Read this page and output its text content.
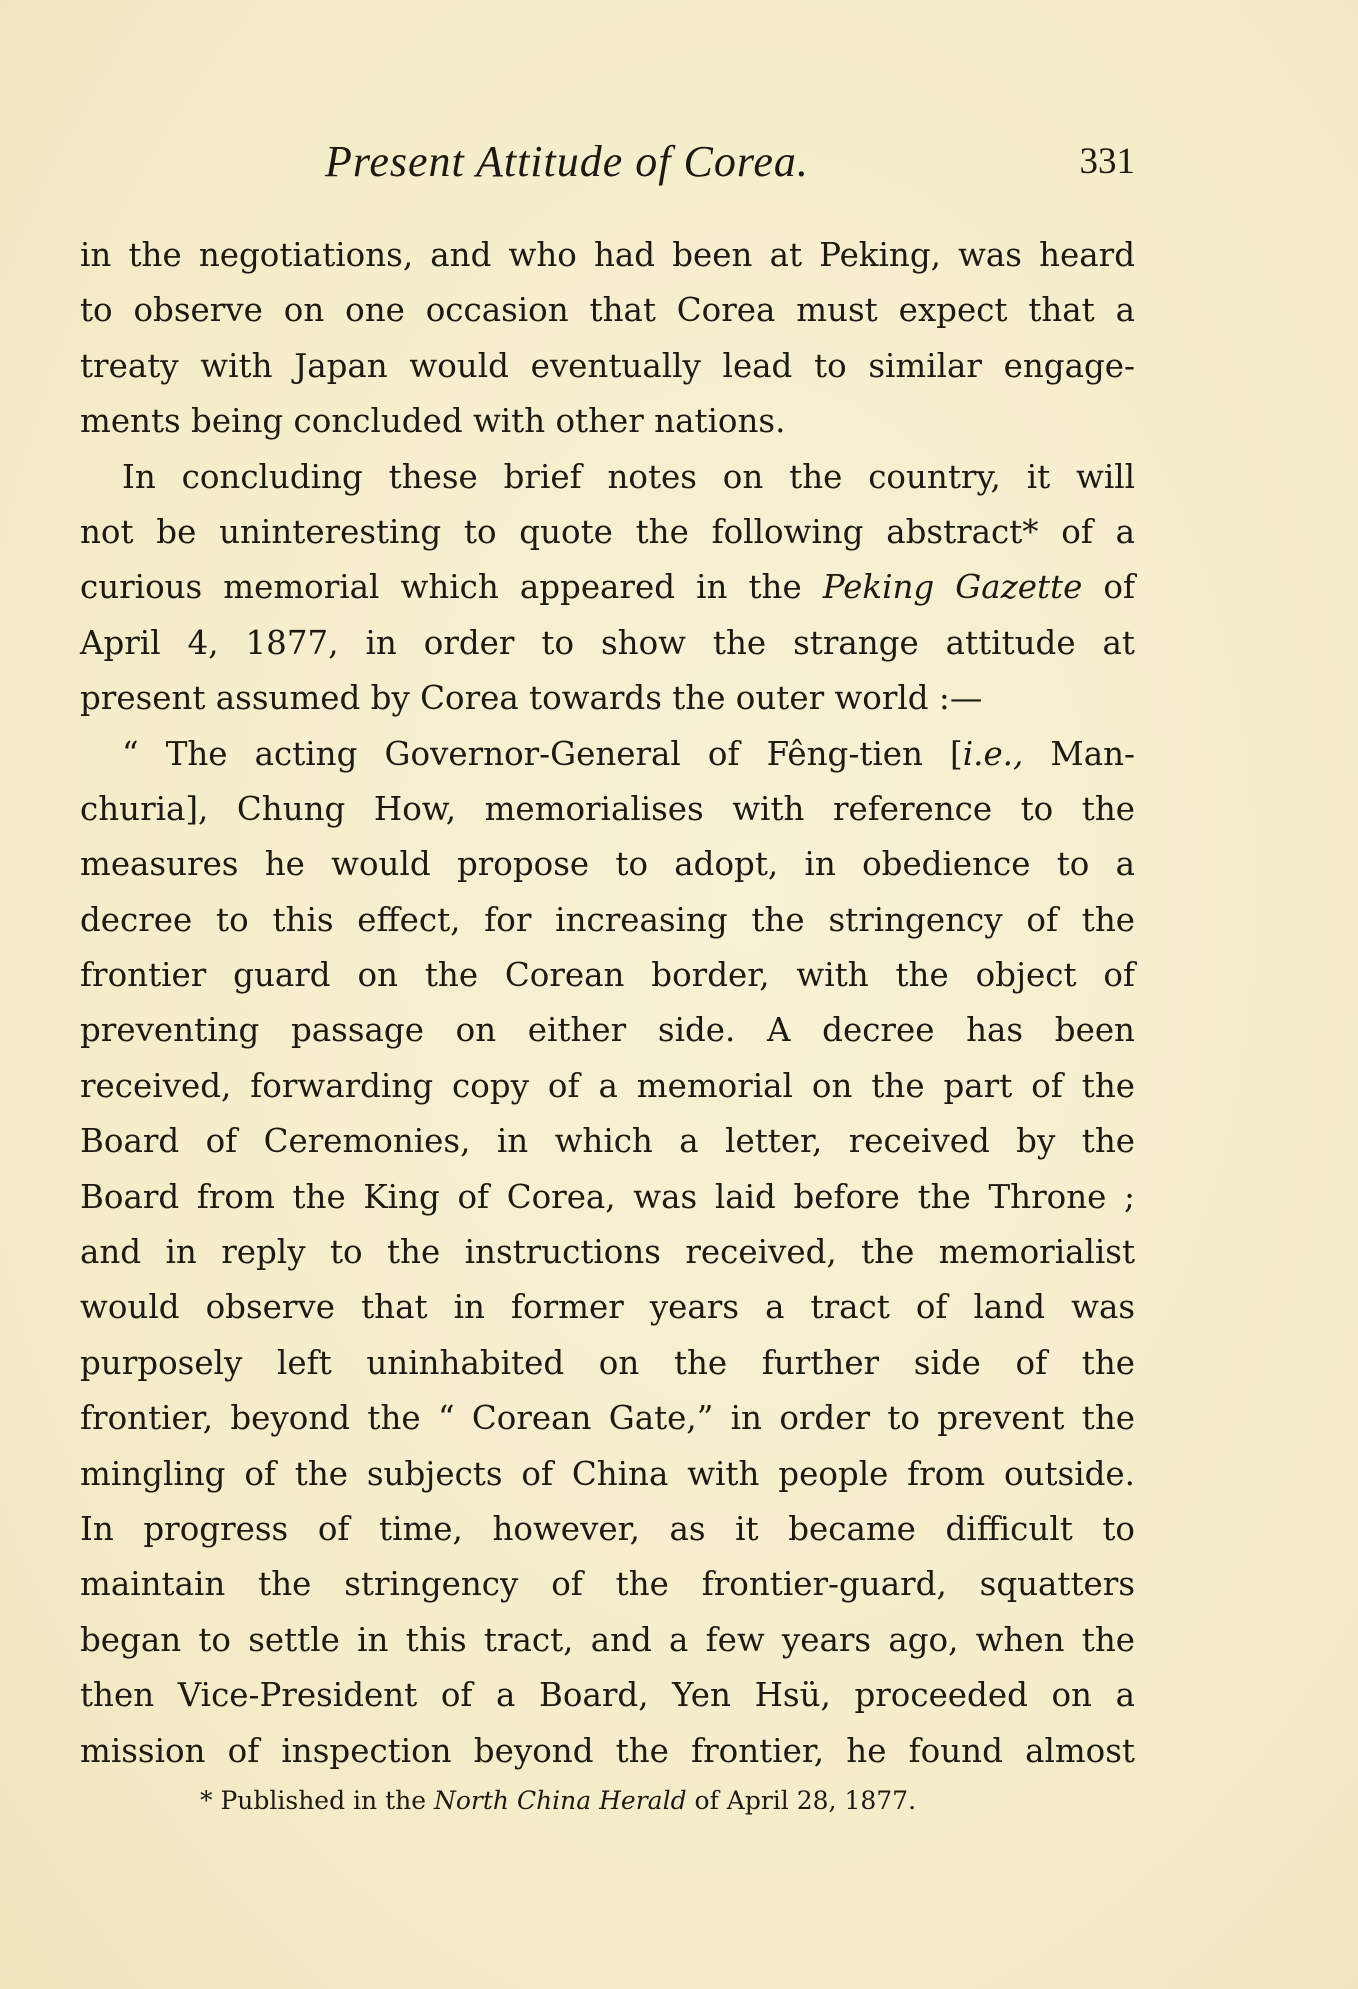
Present Attitude of Corea.	331
in the negotiations, and who had been at Peking, was heard
to observe on one occasion that Corea must expect that a
treaty with Japan would eventually lead to similar engage-
ments being concluded with other nations.
In concluding these brief notes on the country, it will
not be uninteresting to quote the following abstract* of a
curious memorial which appeared in the Peking Gazette of
April 4, 1877, in order to show the strange attitude at
present assumed by Corea towards the outer world :—
“ The acting Governor-General of Fêng-tien [i.e., Man-
churia], Chung How, memorialises with reference to the
measures he would propose to adopt, in obedience to a
decree to this effect, for increasing the stringency of the
frontier guard on the Corean border, with the object of
preventing passage on either side. A decree has been
received, forwarding copy of a memorial on the part of the
Board of Ceremonies, in which a letter, received by the
Board from the King of Corea, was laid before the Throne ;
and in reply to the instructions received, the memorialist
would observe that in former years a tract of land was
purposely left uninhabited on the further side of the
frontier, beyond the “ Corean Gate,” in order to prevent the
mingling of the subjects of China with people from outside.
In progress of time, however, as it became difficult to
maintain the stringency of the frontier-guard, squatters
began to settle in this tract, and a few years ago, when the
then Vice-President of a Board, Yen Hsü, proceeded on a
mission of inspection beyond the frontier, he found almost
* Published in the North China Herald of April 28, 1877.
